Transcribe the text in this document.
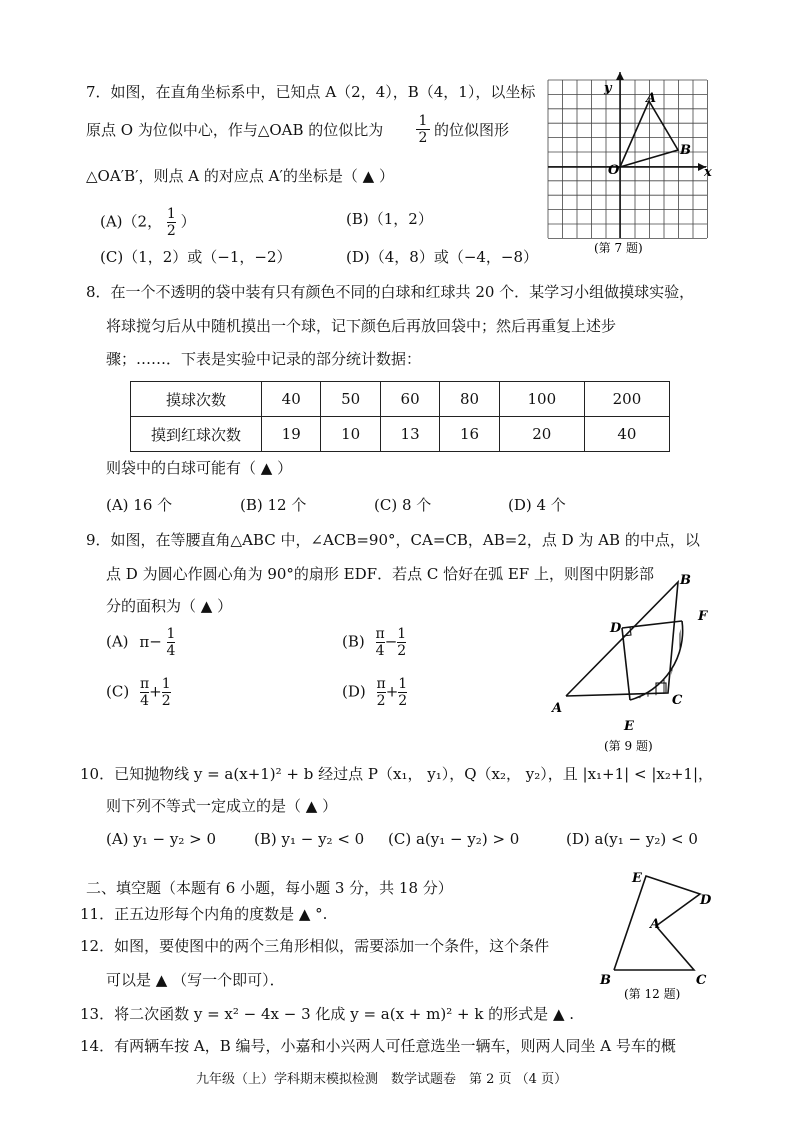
7．如图，在直角坐标系中，已知点 A（2，4），B（4，1），以坐标
原点 O 为位似中心，作与△OAB 的位似比为 $\frac{1}{2}$ 的位似图形
△OA′B′，则点 A 的对应点 A′的坐标是（ ▲ ）
(A)（2， $\frac{1}{2}$ ）	(B)（1，2）
(C)（1，2）或（−1，−2）	(D)（4，8）或（−4，−8）
y
x
O
A
B
(第 7 题)
8．在一个不透明的袋中装有只有颜色不同的白球和红球共 20 个．某学习小组做摸球实验，
将球搅匀后从中随机摸出一个球，记下颜色后再放回袋中；然后再重复上述步
骤；……．下表是实验中记录的部分统计数据：
摸球次数	40	50	60	80	100	200
摸到红球次数	19	10	13	16	20	40
则袋中的白球可能有（ ▲ ）
(A) 16 个	(B) 12 个	(C) 8 个	(D) 4 个
9．如图，在等腰直角△ABC 中，∠ACB=90°，CA=CB，AB=2，点 D 为 AB 的中点，以
点 D 为圆心作圆心角为 90°的扇形 EDF．若点 C 恰好在弧 EF 上，则图中阴影部
分的面积为（ ▲ ）
(A) $\pi- \frac{1}{4}$	$(B) \frac{\pi}{4} - \frac{1}{2}$
$(C) \frac{\pi}{4} + \frac{1}{2}$	$(D) \frac{\pi}{2} + \frac{1}{2}$	A
B
C
D
E
F
(第 9 题)
10．已知抛物线 y = a(x+1)² + b 经过点 P（x₁， y₁），Q（x₂， y₂），且 |x₁+1| < |x₂+1|，
则下列不等式一定成立的是（ ▲ ）
(A) y₁ − y₂ > 0	(B) y₁ − y₂ < 0 (C) a(y₁ − y₂) > 0	(D) a(y₁ − y₂) < 0
二、填空题（本题有 6 小题，每小题 3 分，共 18 分）
11．正五边形每个内角的度数是 ▲ °.
12．如图，要使图中的两个三角形相似，需要添加一个条件，这个条件
可以是 ▲ （写一个即可）．
E
D
A
B	C
(第 12 题)
13．将二次函数 y = x² − 4x − 3 化成 y = a(x + m)² + k 的形式是 ▲ .
14．有两辆车按 A，B 编号，小嘉和小兴两人可任意选坐一辆车，则两人同坐 A 号车的概
九年级（上）学科期末模拟检测　数学试题卷　第 2 页 （4 页）
